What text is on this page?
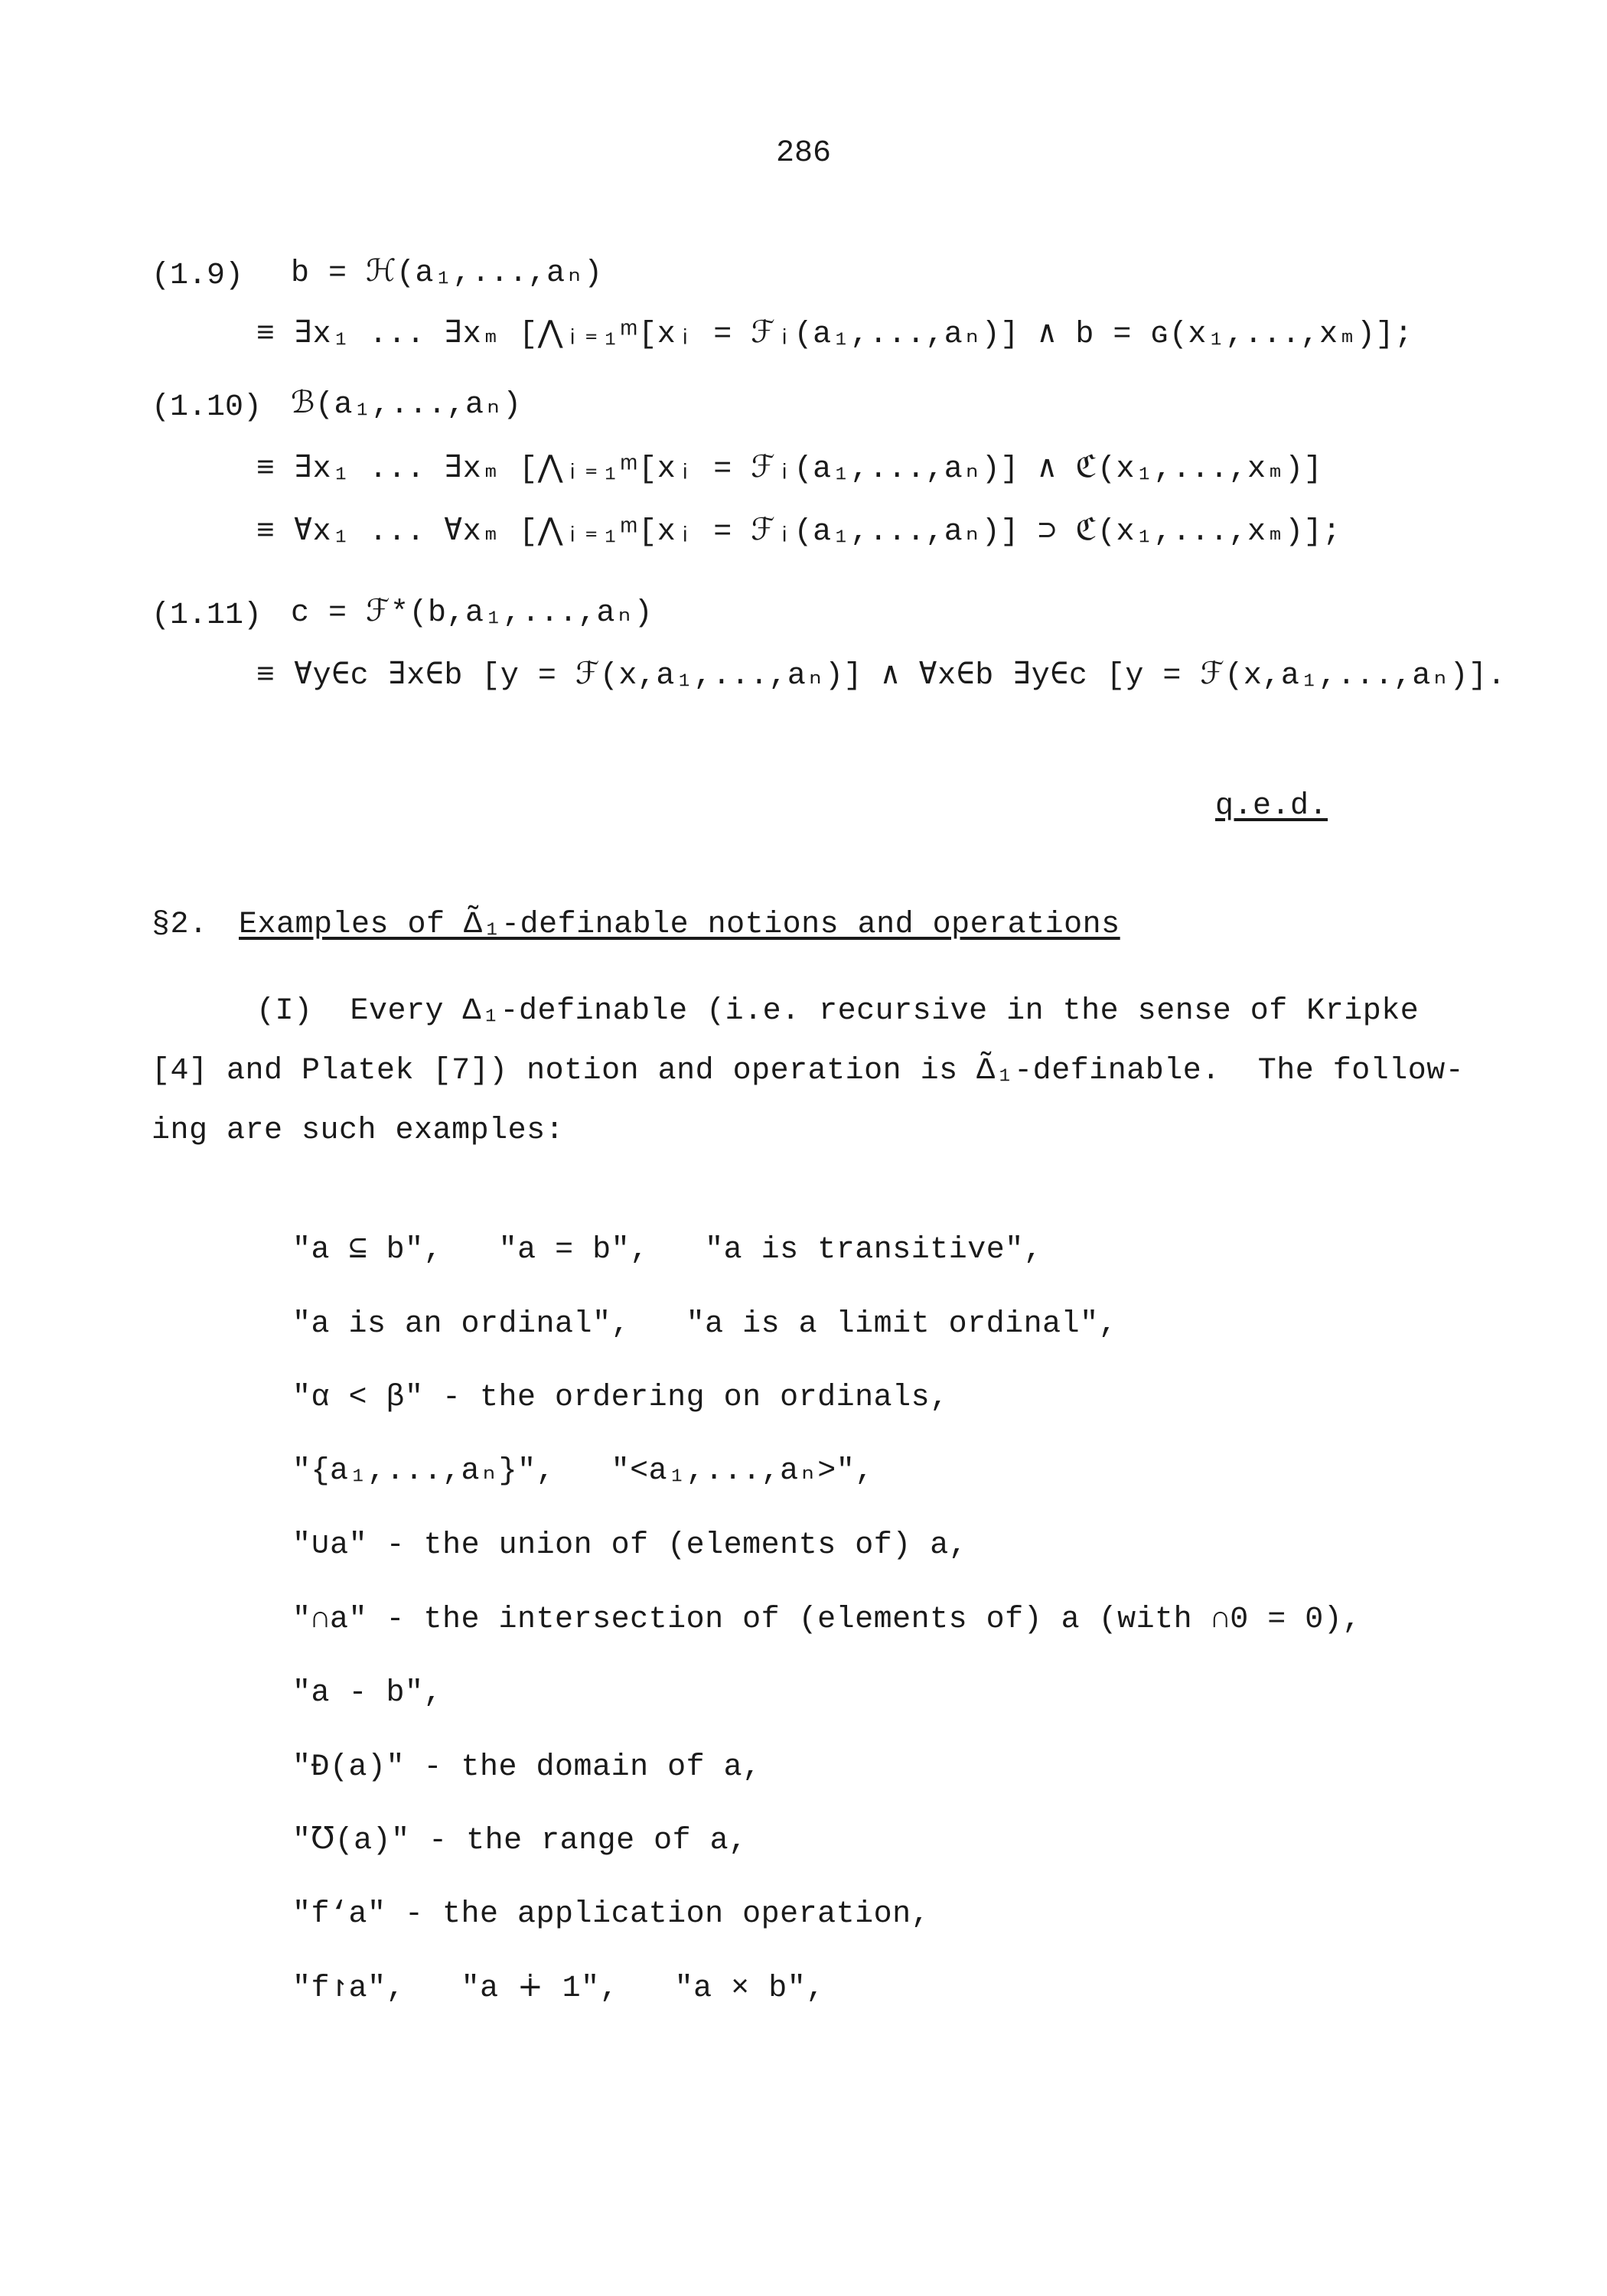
286
(1.9) b = ℋ(a₁,...,aₙ)
≡ ∃x₁ ... ∃xₘ [⋀ᵢ₌₁ᵐ[xᵢ = ℱᵢ(a₁,...,aₙ)] ∧ b = ɢ(x₁,...,xₘ)];
(1.10) ℬ(a₁,...,aₙ)
≡ ∃x₁ ... ∃xₘ [⋀ᵢ₌₁ᵐ[xᵢ = ℱᵢ(a₁,...,aₙ)] ∧ ℭ(x₁,...,xₘ)]
≡ ∀x₁ ... ∀xₘ [⋀ᵢ₌₁ᵐ[xᵢ = ℱᵢ(a₁,...,aₙ)] ⊃ ℭ(x₁,...,xₘ)];
(1.11) c = ℱ*(b,a₁,...,aₙ)
≡ ∀y∈c ∃x∈b [y = ℱ(x,a₁,...,aₙ)] ∧ ∀x∈b ∃y∈c [y = ℱ(x,a₁,...,aₙ)].
q.e.d.
§2. Examples of Δ̃₁-definable notions and operations
(I)  Every Δ₁-definable (i.e. recursive in the sense of Kripke
[4] and Platek [7]) notion and operation is Δ̃₁-definable.  The follow-
ing are such examples:
"a ⊆ b",   "a = b",   "a is transitive",
"a is an ordinal",   "a is a limit ordinal",
"α < β" - the ordering on ordinals,
"{a₁,...,aₙ}",   "<a₁,...,aₙ>",
"∪a" - the union of (elements of) a,
"∩a" - the intersection of (elements of) a (with ∩0 = 0),
"a - b",
"Ɖ(a)" - the domain of a,
"℧(a)" - the range of a,
"f‘a" - the application operation,
"f↾a",   "a ∔ 1",   "a × b",
